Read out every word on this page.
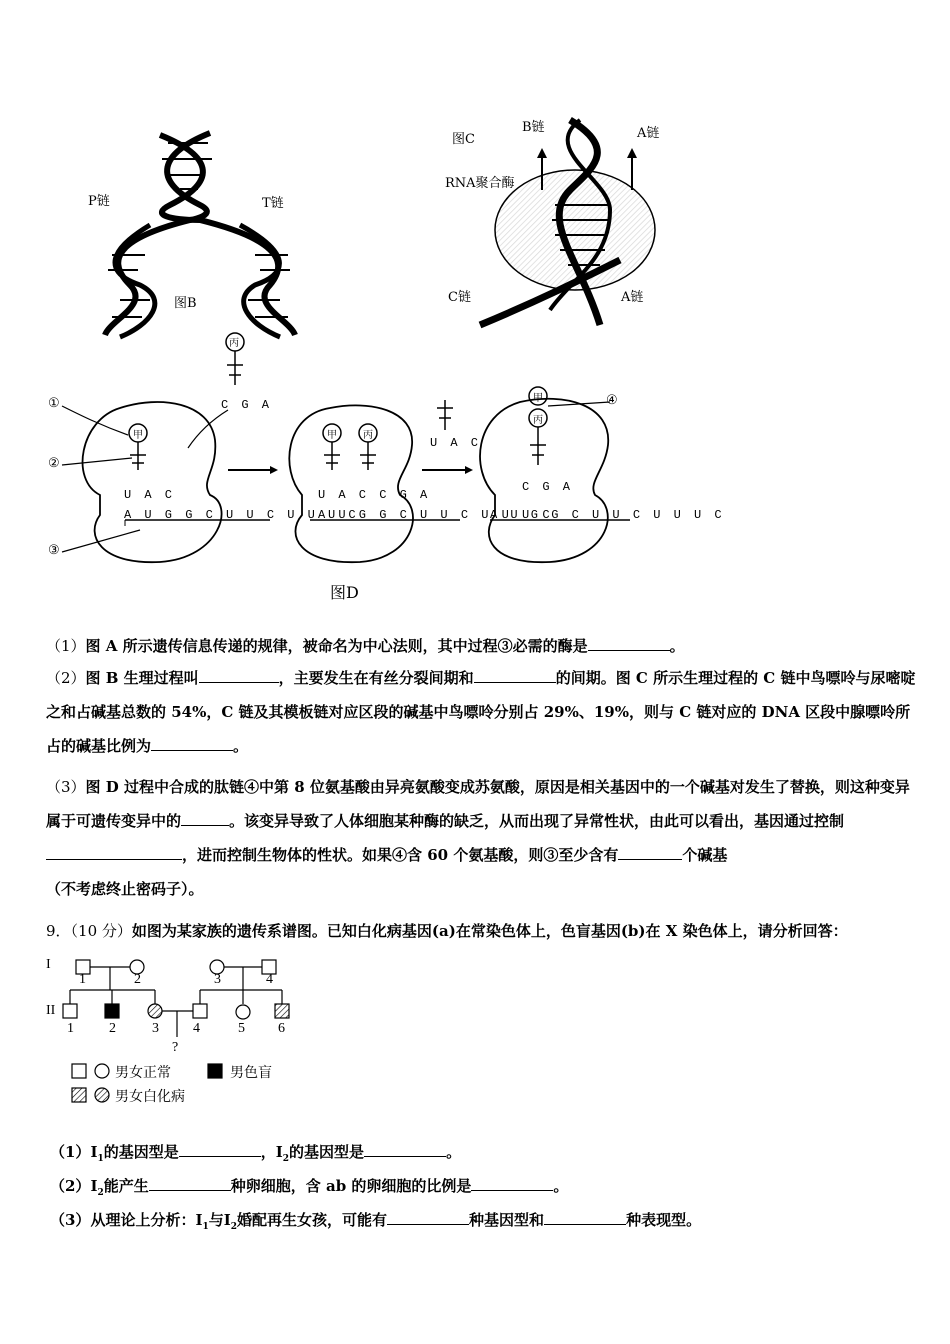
P链	T链
图B
图C
B链	A链
RNA聚合酶
C链	A链
①
②
③
④
丙
甲	甲	丙
甲
丙
C G A
U A C
A U G G C U U C U U U C
U A C C G A
A U G G C U U C U U U C
U A C
C G A
A U G G C U U C U U U C
图D
（1）图 A 所示遗传信息传递的规律，被命名为中心法则，其中过程③必需的酶是	。
（2）图 B 生理过程叫	，主要发生在有丝分裂间期和	的间期。图 C 所示生理过程的 C 链中鸟嘌呤与尿嘧啶之和占碱基总数的 54%，C 链及其模板链对应区段的碱基中鸟嘌呤分别占 29%、19%，则与 C 链对应的 DNA 区段中腺嘌呤所占的碱基比例为	。
（3）图 D 过程中合成的肽链④中第 8 位氨基酸由异亮氨酸变成苏氨酸，原因是相关基因中的一个碱基对发生了替换，则这种变异属于可遗传变异中的	。该变异导致了人体细胞某种酶的缺乏，从而出现了异常性状，由此可以看出，基因通过控制，进而控制生物体的性状。如果④含 60 个氨基酸，则③至少含有	个碱基
（不考虑终止密码子）。
9．（10 分）如图为某家族的遗传系谱图。已知白化病基因(a)在常染色体上，色盲基因(b)在 X 染色体上，请分析回答：
I
II
1	2	3	4
1	2	3 4	5 6
?
男女正常	男色盲
男女白化病
$(1)Ⅰ_1$的基因型是	，$Ⅰ_2$的基因型是	。
$(2)Ⅰ_2$能产生	种卵细胞，含 ab 的卵细胞的比例是	。
（3）从理论上分析：$Ⅰ_1$与$Ⅰ_2$婚配再生女孩，可能有	种基因型和	种表现型。
